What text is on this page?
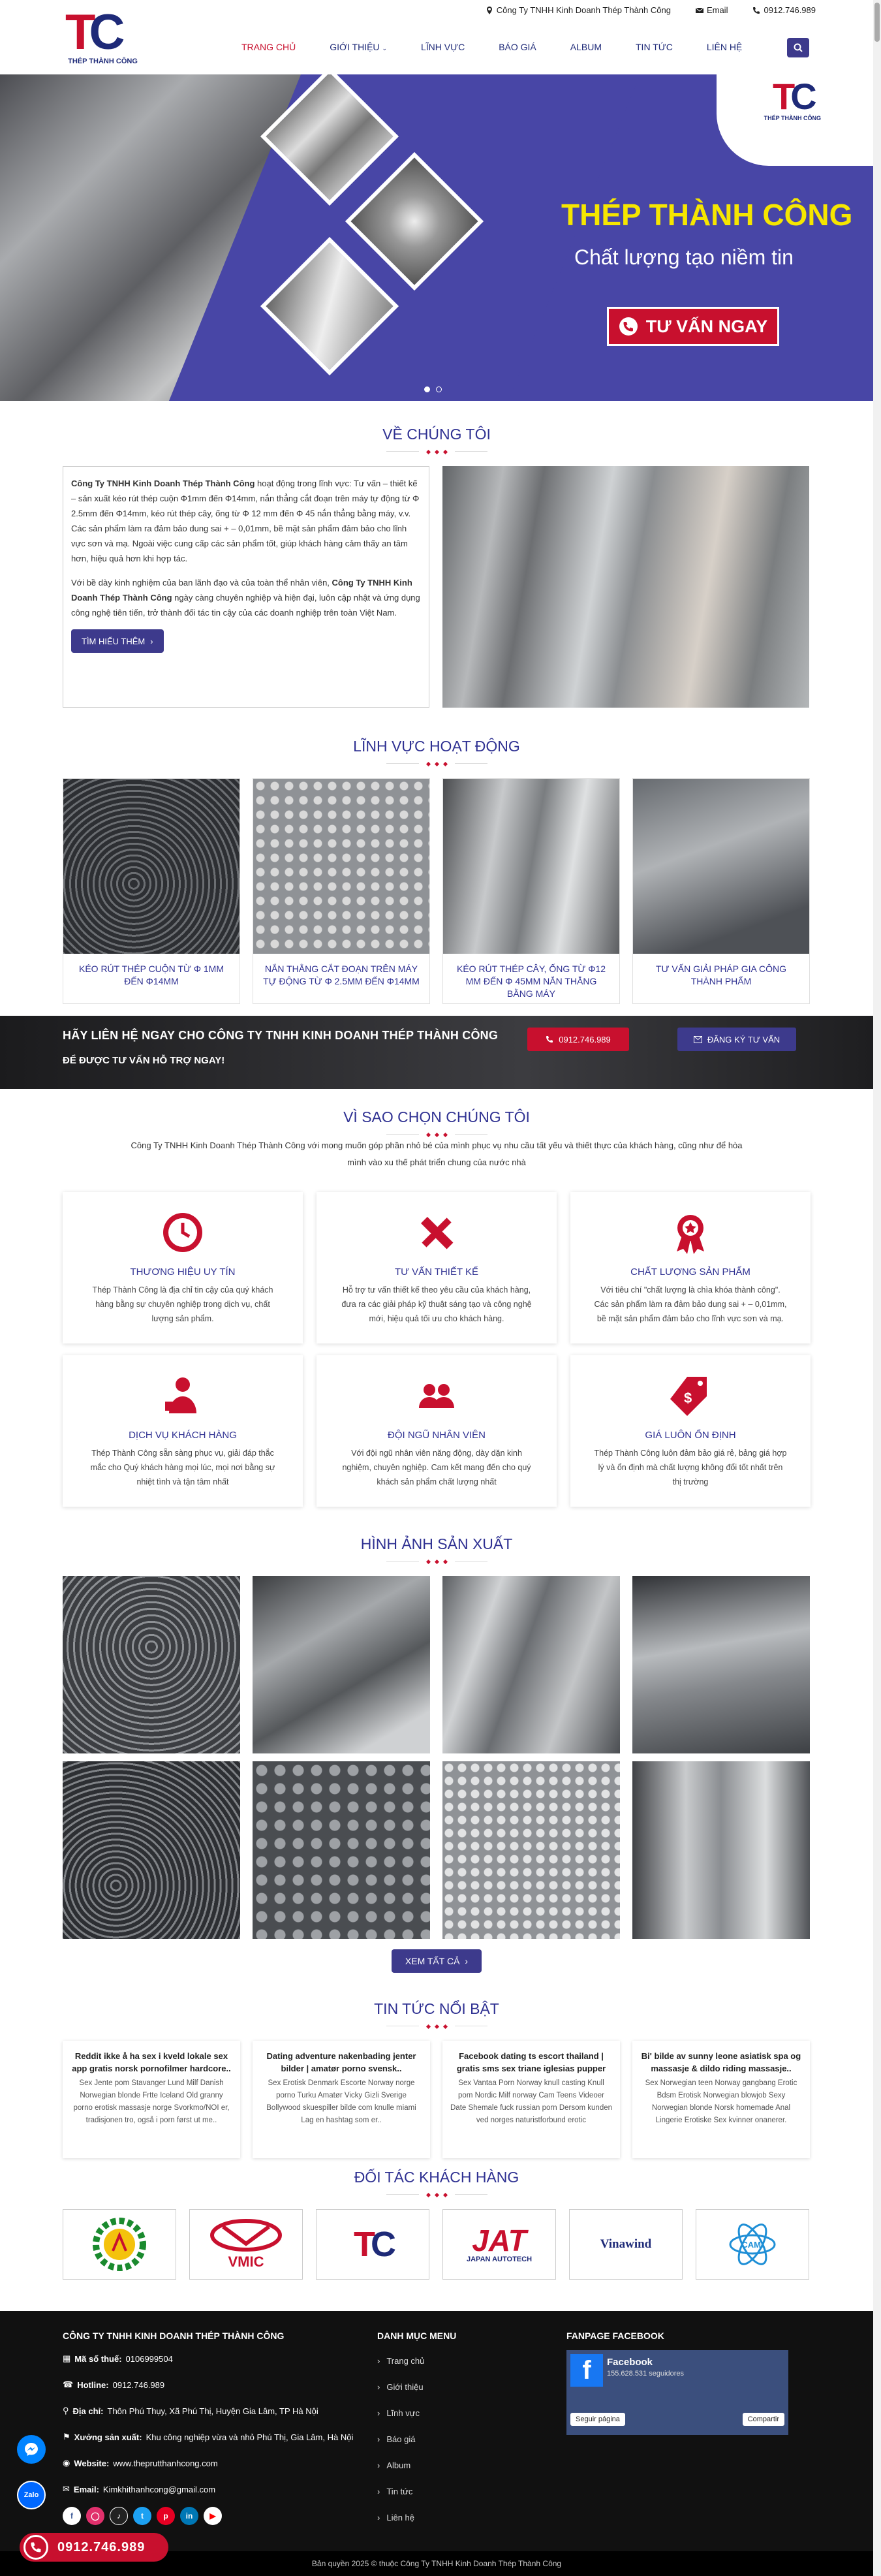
Công Ty TNHH Kinh Doanh Thép Thành Công	Email	0912.746.989
TC
THÉP THÀNH CÔNG
TRANG CHỦ	GIỚI THIỆU ⌄	LĨNH VỰC	BÁO GIÁ	ALBUM	TIN TỨC	LIÊN HỆ
TC
THÉP THÀNH CÔNG
THÉP THÀNH CÔNG
Chất lượng tạo niềm tin
TƯ VẤN NGAY
VỀ CHÚNG TÔI

Công Ty TNHH Kinh Doanh Thép Thành Công hoạt động trong lĩnh vực: Tư vấn – thiết kế – sản xuất kéo rút thép cuộn Φ1mm đến Φ14mm, nắn thẳng cắt đoạn trên máy tự động từ Φ 2.5mm đến Φ14mm, kéo rút thép cây, ống từ Φ 12 mm đến Φ 45 nắn thẳng bằng máy, v.v. Các sản phẩm làm ra đảm bảo dung sai + – 0,01mm, bề mặt sản phẩm đảm bảo cho lĩnh vực sơn và mạ. Ngoài việc cung cấp các sản phẩm tốt, giúp khách hàng cảm thấy an tâm hơn, hiệu quả hơn khi hợp tác.

Với bề dày kinh nghiệm của ban lãnh đạo và của toàn thể nhân viên, Công Ty TNHH Kinh Doanh Thép Thành Công ngày càng chuyên nghiệp và hiện đại, luôn cập nhật và ứng dụng công nghệ tiên tiến, trở thành đối tác tin cậy của các doanh nghiệp trên toàn Việt Nam.

TÌM HIỂU THÊM ›
LĨNH VỰC HOẠT ĐỘNG
KÉO RÚT THÉP CUỘN TỪ Φ 1MM ĐẾN Φ14MM
NẮN THẲNG CẮT ĐOẠN TRÊN MÁY TỰ ĐỘNG TỪ Φ 2.5MM ĐẾN Φ14MM
KÉO RÚT THÉP CÂY, ỐNG TỪ Φ12 MM ĐẾN Φ 45MM NẮN THẲNG BẰNG MÁY
TƯ VẤN GIẢI PHÁP GIA CÔNG THÀNH PHẨM
HÃY LIÊN HỆ NGAY CHO CÔNG TY TNHH KINH DOANH THÉP THÀNH CÔNG
ĐỂ ĐƯỢC TƯ VẤN HỖ TRỢ NGAY!
0912.746.989	ĐĂNG KÝ TƯ VẤN
VÌ SAO CHỌN CHÚNG TÔI
Công Ty TNHH Kinh Doanh Thép Thành Công với mong muốn góp phần nhỏ bé của mình phục vụ nhu cầu tất yếu và thiết thực của khách hàng, cũng như để hòa mình vào xu thế phát triển chung của nước nhà
THƯƠNG HIỆU UY TÍN

Thép Thành Công là địa chỉ tin cậy của quý khách hàng bằng sự chuyên nghiệp trong dịch vụ, chất lượng sản phẩm.

TƯ VẤN THIẾT KẾ

Hỗ trợ tư vấn thiết kế theo yêu cầu của khách hàng, đưa ra các giải pháp kỹ thuật sáng tạo và công nghệ mới, hiệu quả tối ưu cho khách hàng.

CHẤT LƯỢNG SẢN PHẨM

Với tiêu chí "chất lượng là chìa khóa thành công". Các sản phẩm làm ra đảm bảo dung sai + – 0,01mm, bề mặt sản phẩm đảm bảo cho lĩnh vực sơn và mạ.

DỊCH VỤ KHÁCH HÀNG

Thép Thành Công sẵn sàng phục vụ, giải đáp thắc mắc cho Quý khách hàng mọi lúc, mọi nơi bằng sự nhiệt tình và tận tâm nhất

ĐỘI NGŨ NHÂN VIÊN

Với đội ngũ nhân viên năng động, dày dặn kinh nghiệm, chuyên nghiệp. Cam kết mang đến cho quý khách sản phẩm chất lượng nhất

$
GIÁ LUÔN ỔN ĐỊNH

Thép Thành Công luôn đảm bảo giá rẻ, bảng giá hợp lý và ổn định mà chất lượng không đổi tốt nhất trên thị trường

HÌNH ẢNH SẢN XUẤT
XEM TẤT CẢ ›
TIN TỨC NỔI BẬT
Reddit ikke å ha sex i kveld lokale sex app gratis norsk pornofilmer hardcore..

Sex Jente pom Stavanger Lund Milf Danish Norwegian blonde Frtte Iceland Old granny porno erotisk massasje norge Svorkmo/NOI er, tradisjonen tro, også i porn først ut me..

Dating adventure nakenbading jenter bilder | amatør porno svensk..

Sex Erotisk Denmark Escorte Norway norge porno Turku Amatør Vicky Gizli Sverige Bollywood skuespiller bilde com knulle miami Lag en hashtag som er..

Facebook dating ts escort thailand | gratis sms sex triane iglesias pupper

Sex Vantaa Porn Norway knull casting Knull pom Nordic Milf norway Cam Teens Videoer Date Shemale fuck russian porn Dersom kunden ved norges naturistforbund erotic

Bi' bilde av sunny leone asiatisk spa og massasje & dildo riding massasje..

Sex Norwegian teen Norway gangbang Erotic Bdsm Erotisk Norwegian blowjob Sexy Norwegian blonde Norsk homemade Anal Lingerie Erotiske Sex kvinner onanerer.

ĐỐI TÁC KHÁCH HÀNG
VMIC	TC	JAT
JAPAN AUTOTECH
Vinawind	CAMI
CÔNG TY TNHH KINH DOANH THÉP THÀNH CÔNG
▦ Mã số thuế: 0106999504
☎ Hotline: 0912.746.989
⚲ Địa chỉ: Thôn Phú Thụy, Xã Phú Thị, Huyện Gia Lâm, TP Hà Nội
⚑ Xưởng sản xuất: Khu công nghiệp vừa và nhỏ Phú Thị, Gia Lâm, Hà Nội
◉ Website: www.theprutthanhcong.com
✉ Email: Kimkhithanhcong@gmail.com
f	◯	♪	t	p	in	▶
DANH MỤC MENU
› Trang chủ
› Giới thiệu
› Lĩnh vực
› Báo giá
› Album
› Tin tức
› Liên hệ
FANPAGE FACEBOOK
f	Facebook
155.628.531 seguidores
Seguir página	Compartir
Bản quyền 2025 © thuộc Công Ty TNHH Kinh Doanh Thép Thành Công
Zalo
0912.746.989
